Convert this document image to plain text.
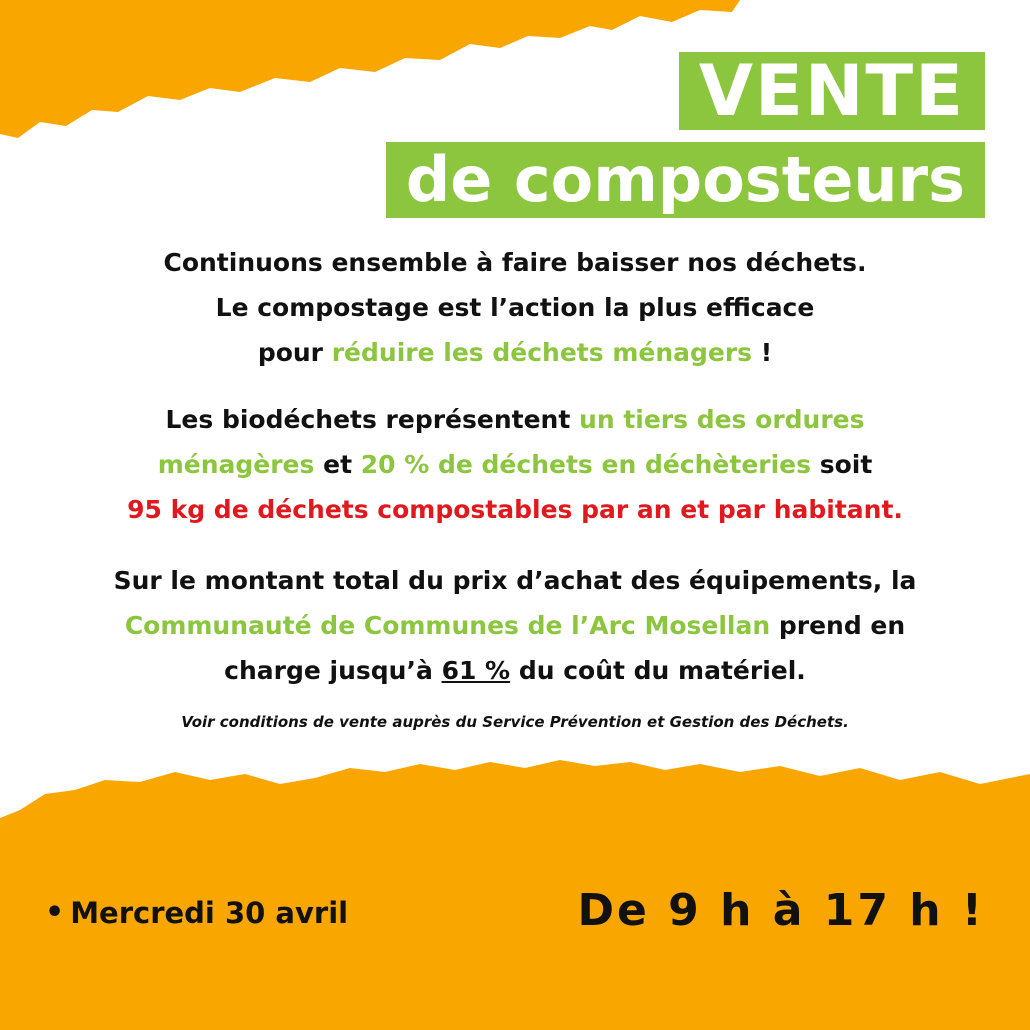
VENTE
de composteurs
Continuons ensemble à faire baisser nos déchets.
Le compostage est l’action la plus efficace
pour réduire les déchets ménagers !
Les biodéchets représentent un tiers des ordures
ménagères et 20 % de déchets en déchèteries soit
95 kg de déchets compostables par an et par habitant.
Sur le montant total du prix d’achat des équipements, la
Communauté de Communes de l’Arc Mosellan prend en
charge jusqu’à 61 % du coût du matériel.
Voir conditions de vente auprès du Service Prévention et Gestion des Déchets.
• Mercredi 30 avril	De 9 h à 17 h !
